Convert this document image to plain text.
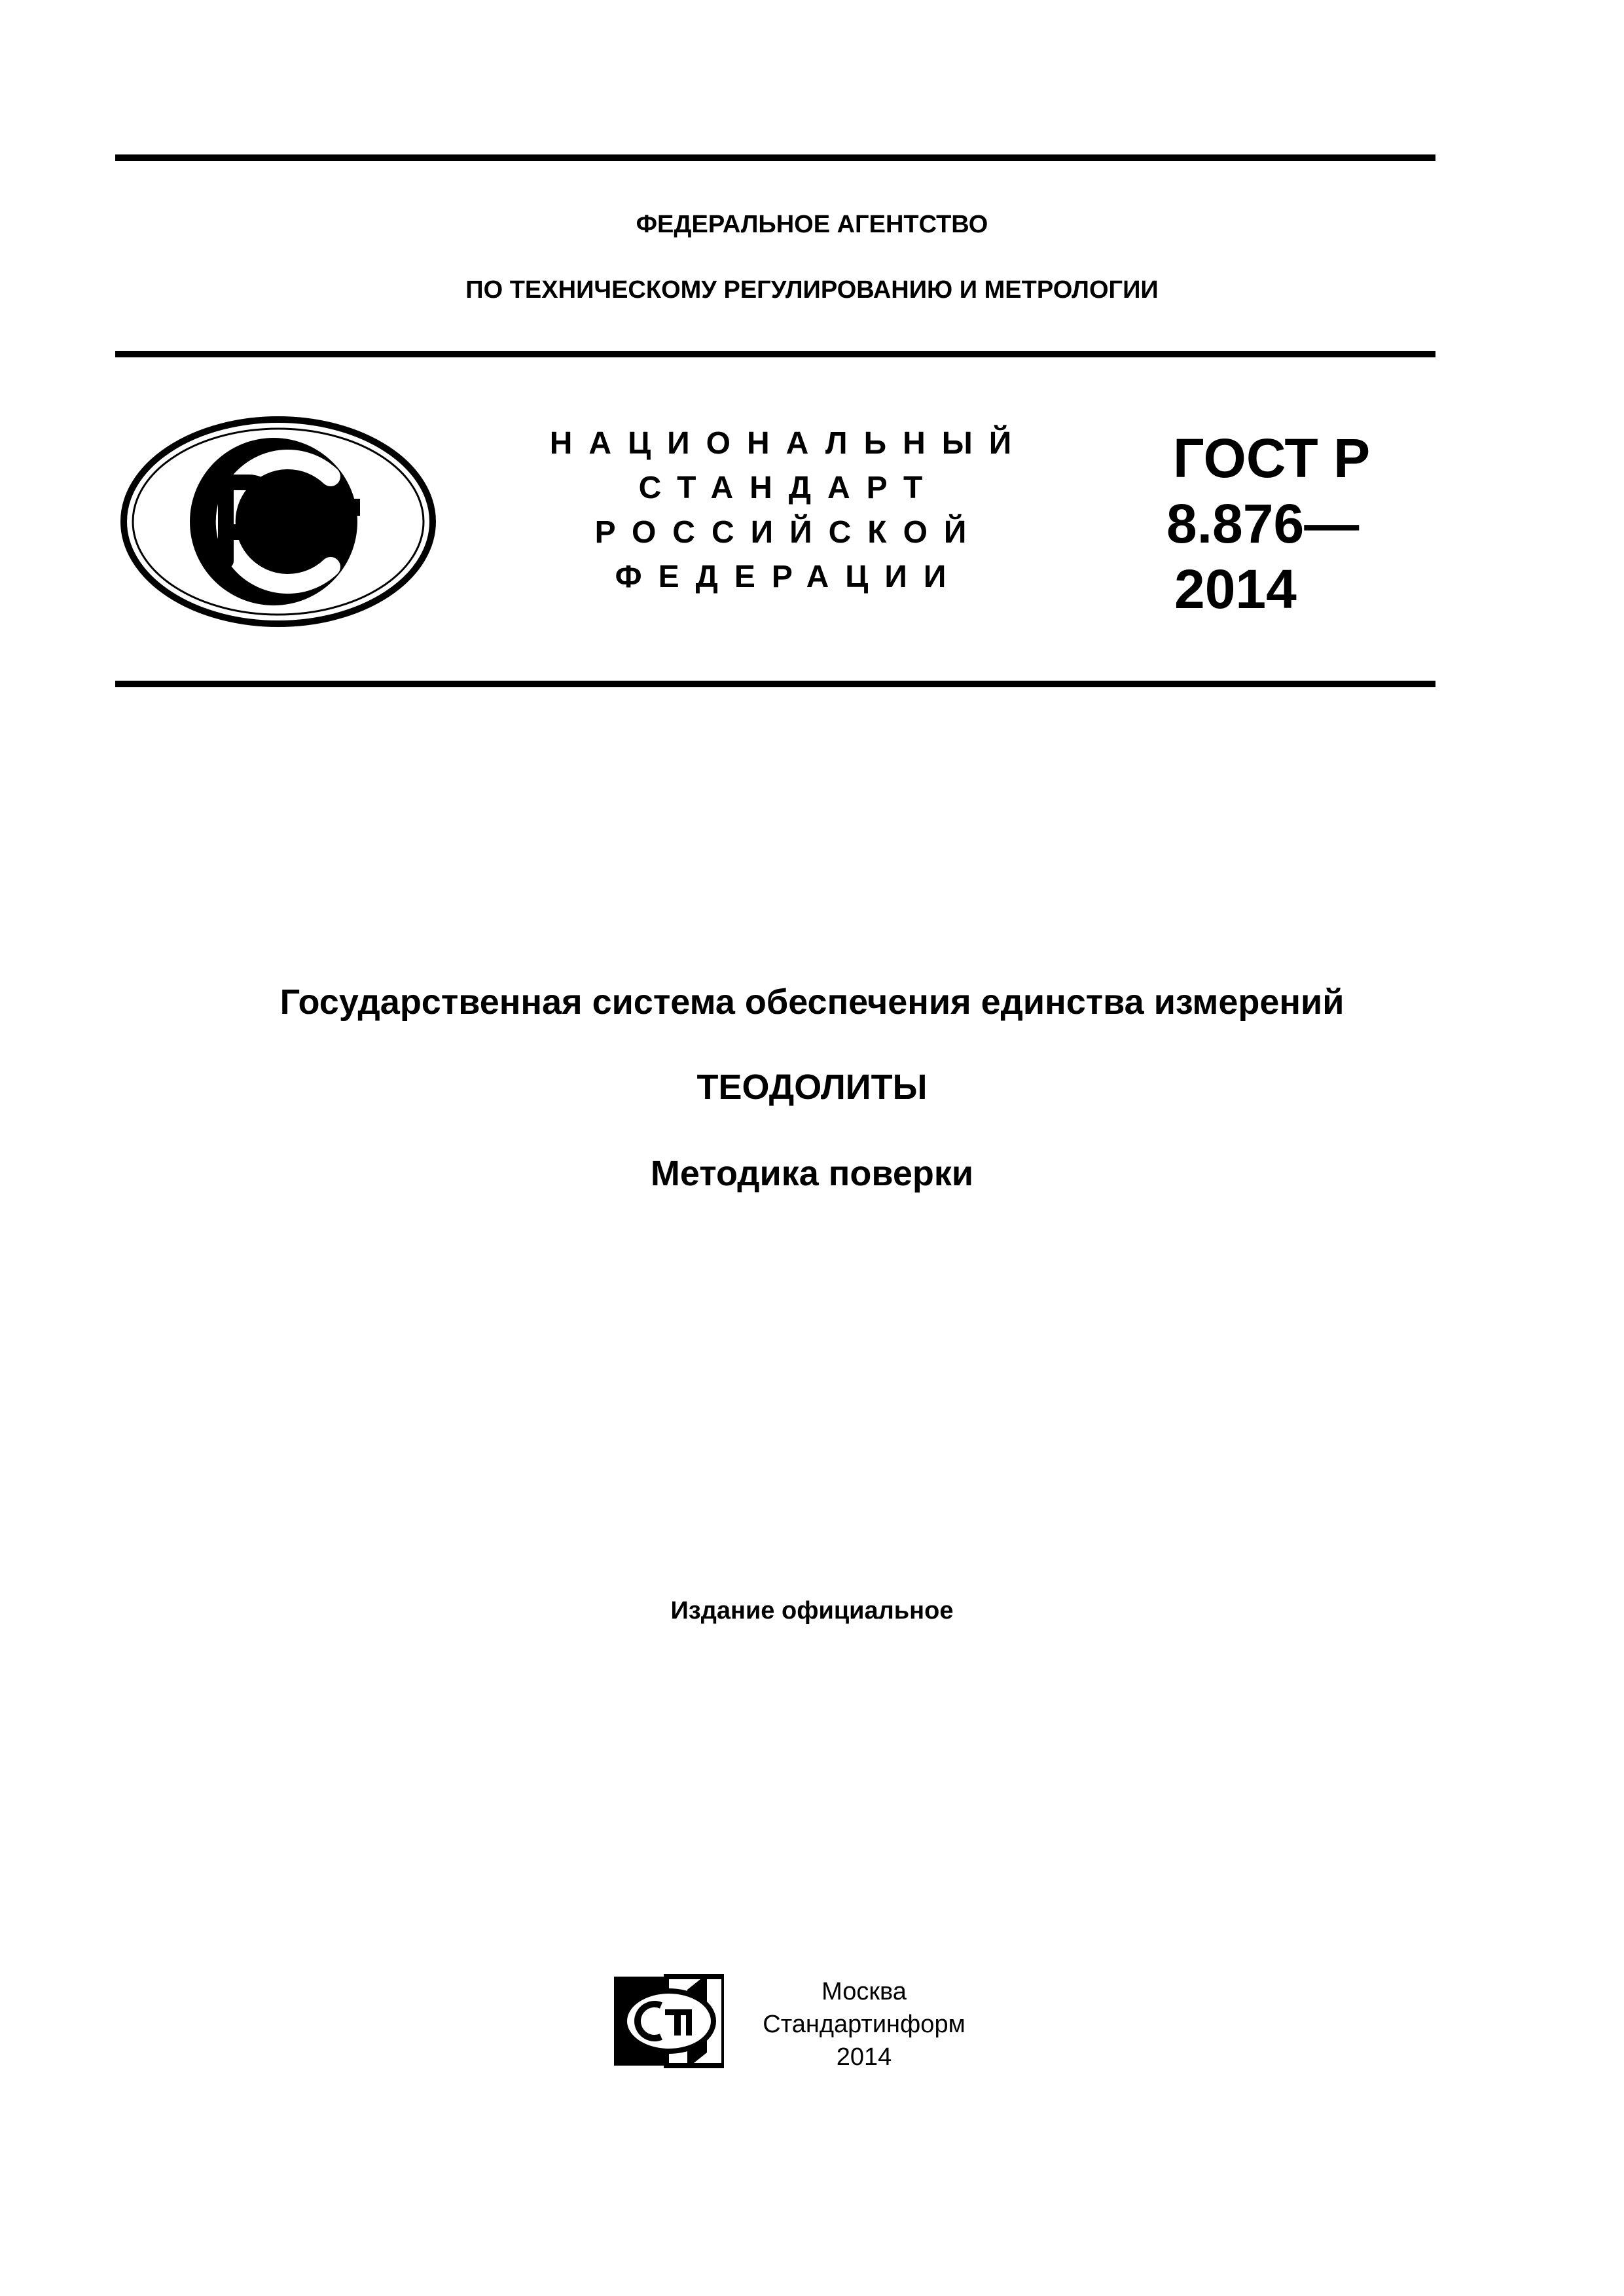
ФЕДЕРАЛЬНОЕ АГЕНТСТВО
ПО ТЕХНИЧЕСКОМУ РЕГУЛИРОВАНИЮ И МЕТРОЛОГИИ
НАЦИОНАЛЬНЫЙ
СТАНДАРТ
РОССИЙСКОЙ
ФЕДЕРАЦИИ
ГОСТ Р
8.876—
2014
Государственная система обеспечения единства измерений
ТЕОДОЛИТЫ
Методика поверки
Издание официальное
Москва
Стандартинформ
2014
